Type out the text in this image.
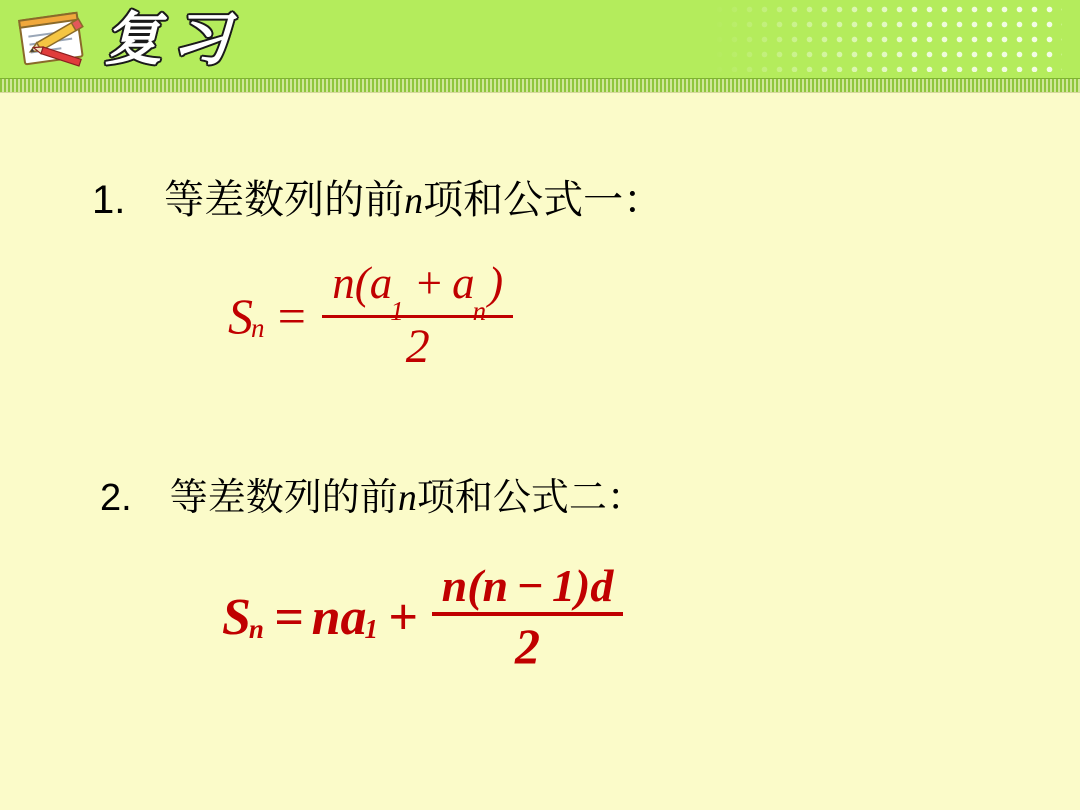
复习
1. 等差数列的前n项和公式一：
S
$n = \frac{n(a_1+ a_n)}{2}$
2. 等差数列的前n项和公式二：
S
n = na
$1 + \frac{n(n - 1)d}{2}$
